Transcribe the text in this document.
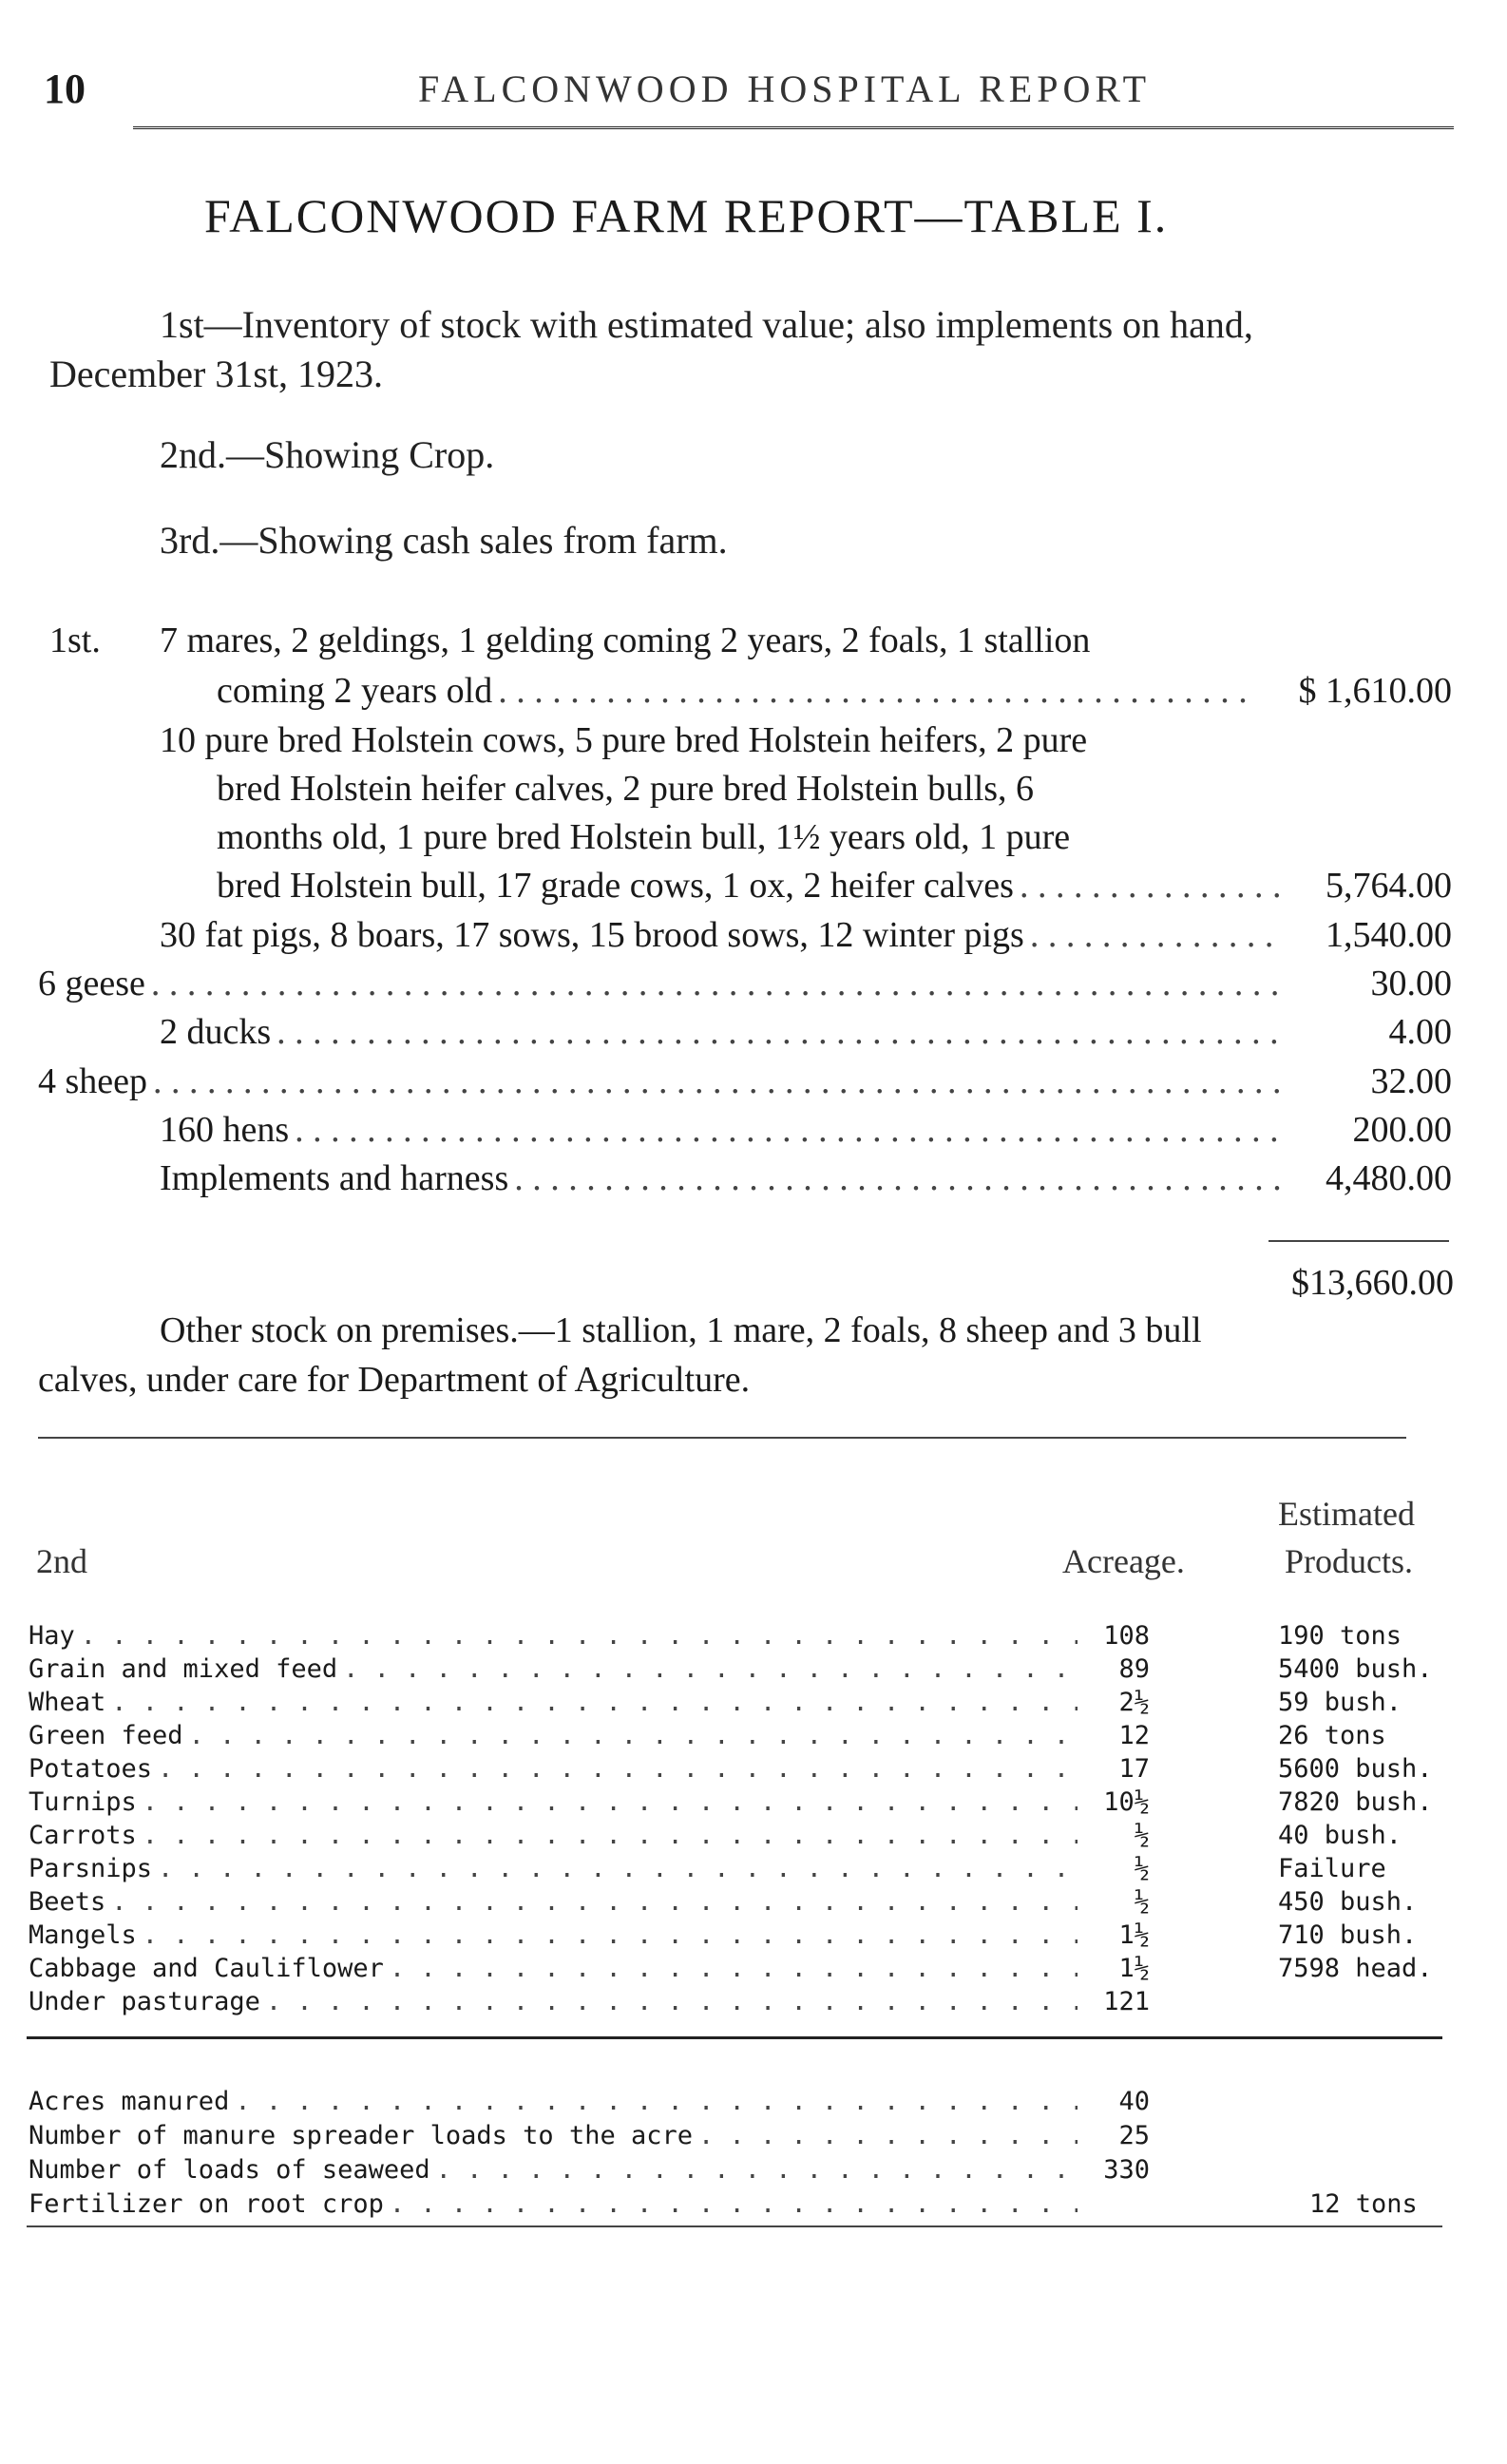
10	FALCONWOOD HOSPITAL REPORT
FALCONWOOD FARM REPORT—TABLE I.
1st—Inventory of stock with estimated value; also implements on hand,
December 31st, 1923.
2nd.—Showing Crop.
3rd.—Showing cash sales from farm.
1st. 7 mares, 2 geldings, 1 gelding coming 2 years, 2 foals, 1 stallion
coming 2 years old . . .	$ 1,610.00
10 pure bred Holstein cows, 5 pure bred Holstein heifers, 2 pure
bred Holstein heifer calves, 2 pure bred Holstein bulls, 6
months old, 1 pure bred Holstein bull, 1½ years old, 1 pure
bred Holstein bull, 17 grade cows, 1 ox, 2 heifer calves . . .	5,764.00
30 fat pigs, 8 boars, 17 sows, 15 brood sows, 12 winter pigs . . .	1,540.00
6 geese . . .	30.00
2 ducks . . .	4.00
4 sheep . . .	32.00
160 hens . . .	200.00
Implements and harness . . .	4,480.00
$13,660.00
Other stock on premises.—1 stallion, 1 mare, 2 foals, 8 sheep and 3 bull
calves, under care for Department of Agriculture.
Estimated
2nd	Acreage.	Products.
Hay . . .	108	190 tons
Grain and mixed feed . . .	89	5400 bush.
Wheat . . .	2½	59 bush.
Green feed . . .	12	26 tons
Potatoes . . .	17	5600 bush.
Turnips . . .	10½	7820 bush.
Carrots . . .	½	40 bush.
Parsnips . . .	½	Failure
Beets . . .	½	450 bush.
Mangels . . .	1½	710 bush.
Cabbage and Cauliflower . . .	1½	7598 head.
Under pasturage . . .	121
Acres manured . . .	40
Number of manure spreader loads to the acre . . .	25
Number of loads of seaweed . . .	330
Fertilizer on root crop . . .	12 tons
